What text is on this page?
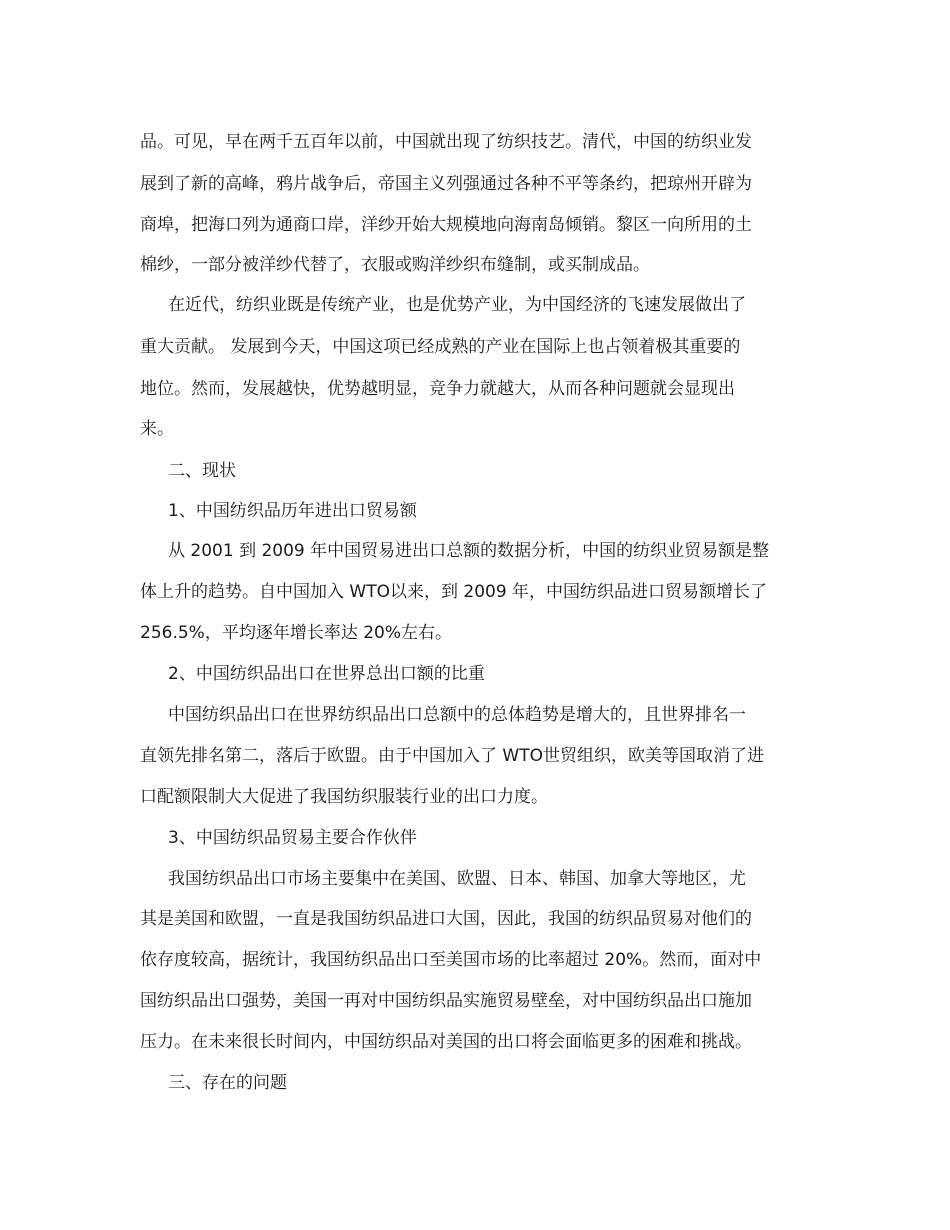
品。可见，早在两千五百年以前，中国就出现了纺织技艺。清代，中国的纺织业发
展到了新的高峰，鸦片战争后，帝国主义列强通过各种不平等条约，把琼州开辟为
商埠，把海口列为通商口岸，洋纱开始大规模地向海南岛倾销。黎区一向所用的土
棉纱，一部分被洋纱代替了，衣服或购洋纱织布缝制，或买制成品。
在近代，纺织业既是传统产业，也是优势产业，为中国经济的飞速发展做出了
重大贡献。 发展到今天，中国这项已经成熟的产业在国际上也占领着极其重要的
地位。然而，发展越快，优势越明显，竞争力就越大，从而各种问题就会显现出
来。
二、现状
1、中国纺织品历年进出口贸易额
从 2001 到 2009 年中国贸易进出口总额的数据分析，中国的纺织业贸易额是整
体上升的趋势。自中国加入 WTO以来，到 2009 年，中国纺织品进口贸易额增长了
256.5%，平均逐年增长率达 20%左右。
2、中国纺织品出口在世界总出口额的比重
中国纺织品出口在世界纺织品出口总额中的总体趋势是增大的，且世界排名一
直领先排名第二，落后于欧盟。由于中国加入了 WTO世贸组织，欧美等国取消了进
口配额限制大大促进了我国纺织服装行业的出口力度。
3、中国纺织品贸易主要合作伙伴
我国纺织品出口市场主要集中在美国、欧盟、日本、韩国、加拿大等地区，尤
其是美国和欧盟，一直是我国纺织品进口大国，因此，我国的纺织品贸易对他们的
依存度较高，据统计，我国纺织品出口至美国市场的比率超过 20%。然而，面对中
国纺织品出口强势，美国一再对中国纺织品实施贸易壁垒，对中国纺织品出口施加
压力。在未来很长时间内，中国纺织品对美国的出口将会面临更多的困难和挑战。
三、存在的问题
